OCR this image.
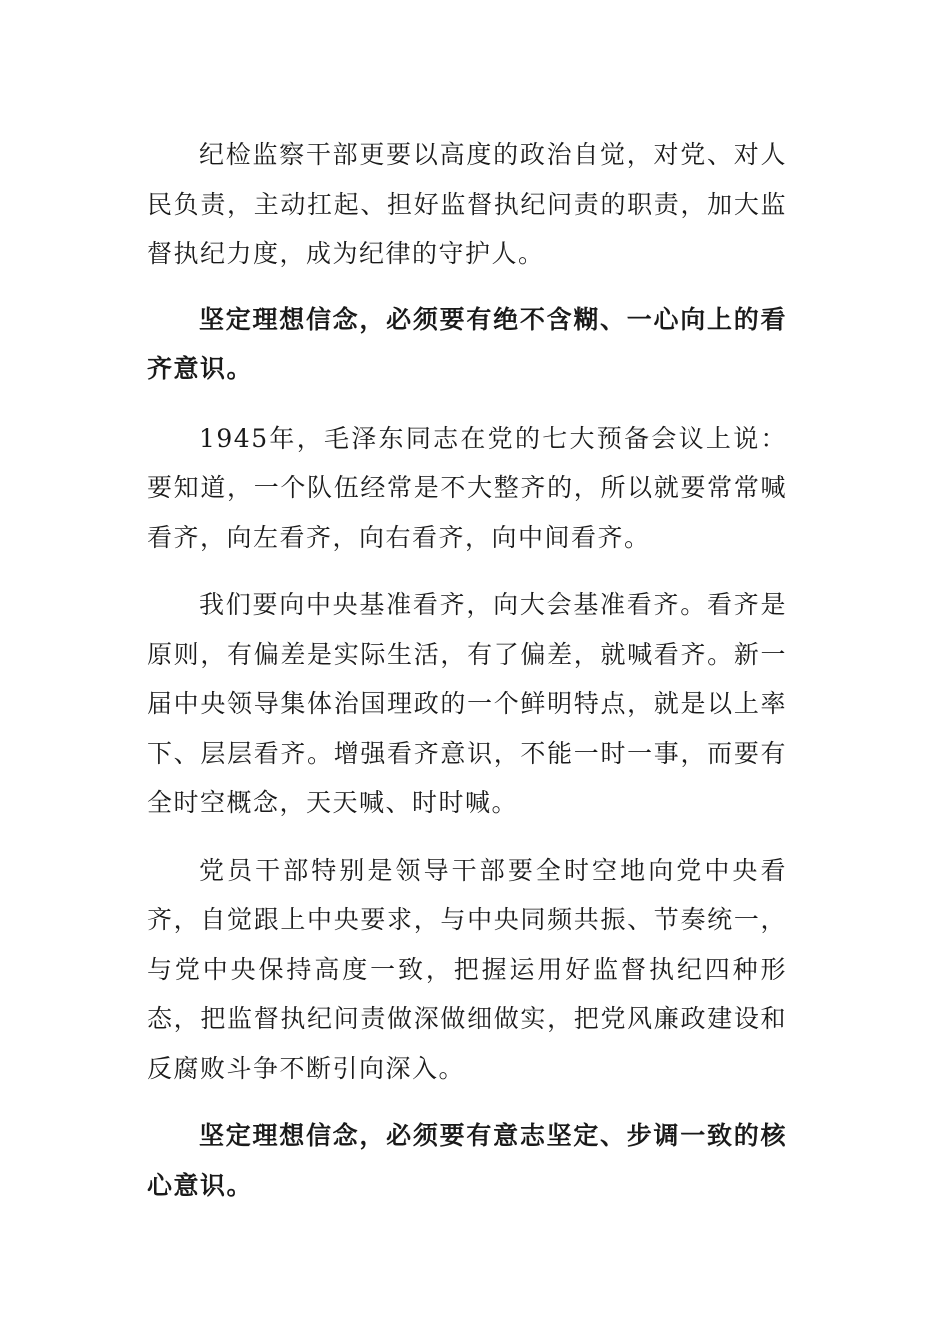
纪检监察干部更要以高度的政治自觉，对党、对人民负责，主动扛起、担好监督执纪问责的职责，加大监督执纪力度，成为纪律的守护人。

坚定理想信念，必须要有绝不含糊、一心向上的看齐意识。

1945年，毛泽东同志在党的七大预备会议上说：要知道，一个队伍经常是不大整齐的，所以就要常常喊看齐，向左看齐，向右看齐，向中间看齐。

我们要向中央基准看齐，向大会基准看齐。看齐是原则，有偏差是实际生活，有了偏差，就喊看齐。新一届中央领导集体治国理政的一个鲜明特点，就是以上率下、层层看齐。增强看齐意识，不能一时一事，而要有全时空概念，天天喊、时时喊。

党员干部特别是领导干部要全时空地向党中央看齐，自觉跟上中央要求，与中央同频共振、节奏统一，与党中央保持高度一致，把握运用好监督执纪四种形态，把监督执纪问责做深做细做实，把党风廉政建设和反腐败斗争不断引向深入。

坚定理想信念，必须要有意志坚定、步调一致的核心意识。
